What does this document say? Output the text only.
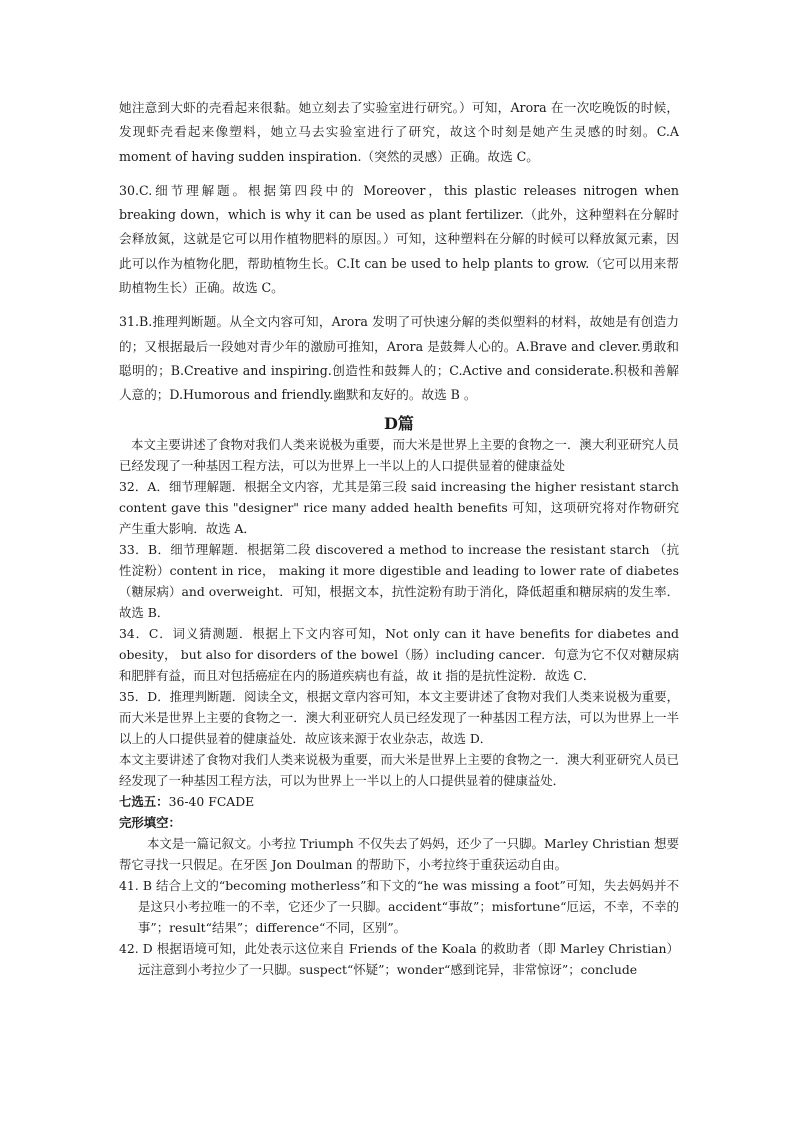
她注意到大虾的壳看起来很黏。她立刻去了实验室进行研究。）可知，Arora 在一次吃晚饭的时候，发现虾壳看起来像塑料，她立马去实验室进行了研究，故这个时刻是她产生灵感的时刻。C.A moment of having sudden inspiration.（突然的灵感）正确。故选 C。

30.C.细节理解题。根据第四段中的 Moreover，this plastic releases nitrogen when breaking down，which is why it can be used as plant fertilizer.（此外，这种塑料在分解时会释放氮，这就是它可以用作植物肥料的原因。）可知，这种塑料在分解的时候可以释放氮元素，因此可以作为植物化肥，帮助植物生长。C.It can be used to help plants to grow.（它可以用来帮助植物生长）正确。故选 C。

31.B.推理判断题。从全文内容可知，Arora 发明了可快速分解的类似塑料的材料，故她是有创造力的；又根据最后一段她对青少年的激励可推知，Arora 是鼓舞人心的。A.Brave and clever.勇敢和聪明的；B.Creative and inspiring.创造性和鼓舞人的；C.Active and considerate.积极和善解人意的；D.Humorous and friendly.幽默和友好的。故选 B 。

D篇

本文主要讲述了食物对我们人类来说极为重要，而大米是世界上主要的食物之一．澳大利亚研究人员已经发现了一种基因工程方法，可以为世界上一半以上的人口提供显着的健康益处

32．A．细节理解题．根据全文内容，尤其是第三段 said increasing the higher resistant starch content gave this "designer" rice many added health benefits 可知，这项研究将对作物研究产生重大影响．故选 A．

33．B．细节理解题．根据第二段 discovered a method to increase the resistant starch （抗性淀粉）content in rice， making it more digestible and leading to lower rate of diabetes （糖尿病）and overweight．可知，根据文本，抗性淀粉有助于消化，降低超重和糖尿病的发生率．故选 B．

34．C．词义猜测题．根据上下文内容可知，Not only can it have benefits for diabetes and obesity， but also for disorders of the bowel（肠）including cancer．句意为它不仅对糖尿病和肥胖有益，而且对包括癌症在内的肠道疾病也有益，故 it 指的是抗性淀粉．故选 C．

35．D．推理判断题．阅读全文，根据文章内容可知，本文主要讲述了食物对我们人类来说极为重要，而大米是世界上主要的食物之一．澳大利亚研究人员已经发现了一种基因工程方法，可以为世界上一半以上的人口提供显着的健康益处．故应该来源于农业杂志，故选 D．

本文主要讲述了食物对我们人类来说极为重要，而大米是世界上主要的食物之一．澳大利亚研究人员已经发现了一种基因工程方法，可以为世界上一半以上的人口提供显着的健康益处．

七选五：36-40 FCADE

完形填空：

本文是一篇记叙文。小考拉 Triumph 不仅失去了妈妈，还少了一只脚。Marley Christian 想要帮它寻找一只假足。在牙医 Jon Doulman 的帮助下，小考拉终于重获运动自由。

41. B 结合上文的“becoming motherless”和下文的“he was missing a foot”可知，失去妈妈并不是这只小考拉唯一的不幸，它还少了一只脚。accident“事故”；misfortune“厄运，不幸，不幸的事”；result“结果”；difference“不同，区别”。

42. D 根据语境可知，此处表示这位来自 Friends of the Koala 的救助者（即 Marley Christian）远注意到小考拉少了一只脚。suspect“怀疑”；wonder“感到诧异，非常惊讶”；conclude
